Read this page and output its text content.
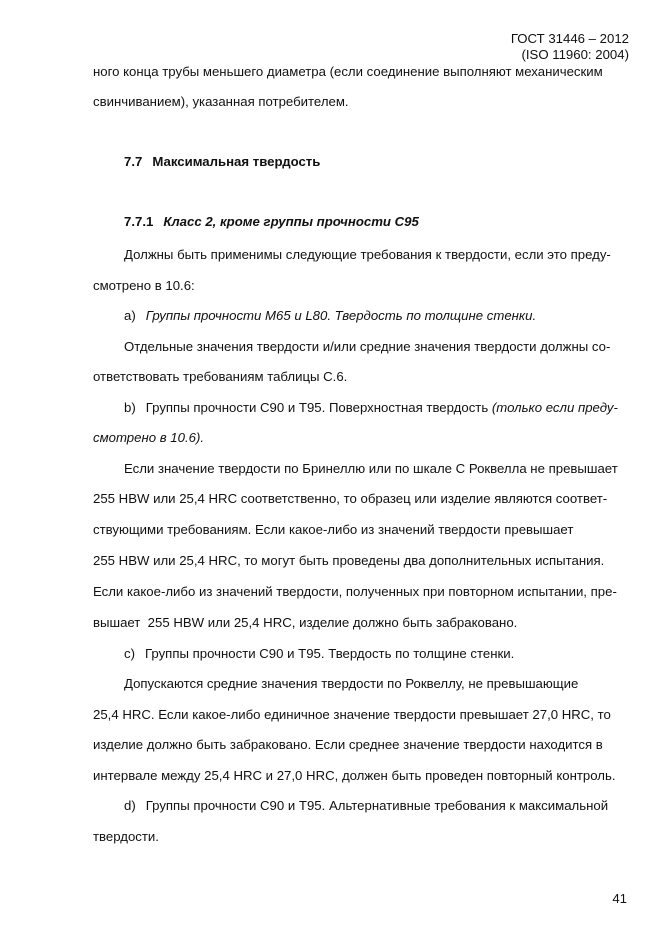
ГОСТ 31446 – 2012
(ISO 11960: 2004)
ного конца трубы меньшего диаметра (если соединение выполняют механическим
свинчиванием), указанная потребителем.
7.7 Максимальная твердость
7.7.1 Класс 2, кроме группы прочности С95
Должны быть применимы следующие требования к твердости, если это преду-
смотрено в 10.6:
a) Группы прочности М65 и L80. Твердость по толщине стенки.
Отдельные значения твердости и/или средние значения твердости должны со-
ответствовать требованиям таблицы С.6.
b) Группы прочности С90 и Т95. Поверхностная твердость (только если преду-
смотрено в 10.6).
Если значение твердости по Бринеллю или по шкале С Роквелла не превышает
255 HBW или 25,4 HRC соответственно, то образец или изделие являются соответ-
ствующими требованиям. Если какое-либо из значений твердости превышает
255 HBW или 25,4 HRC, то могут быть проведены два дополнительных испытания.
Если какое-либо из значений твердости, полученных при повторном испытании, пре-
вышает  255 HBW или 25,4 HRC, изделие должно быть забраковано.
c) Группы прочности С90 и Т95. Твердость по толщине стенки.
Допускаются средние значения твердости по Роквеллу, не превышающие
25,4 HRC. Если какое-либо единичное значение твердости превышает 27,0 HRC, то
изделие должно быть забраковано. Если среднее значение твердости находится в
интервале между 25,4 HRC и 27,0 HRC, должен быть проведен повторный контроль.
d) Группы прочности С90 и Т95. Альтернативные требования к максимальной
твердости.
41
